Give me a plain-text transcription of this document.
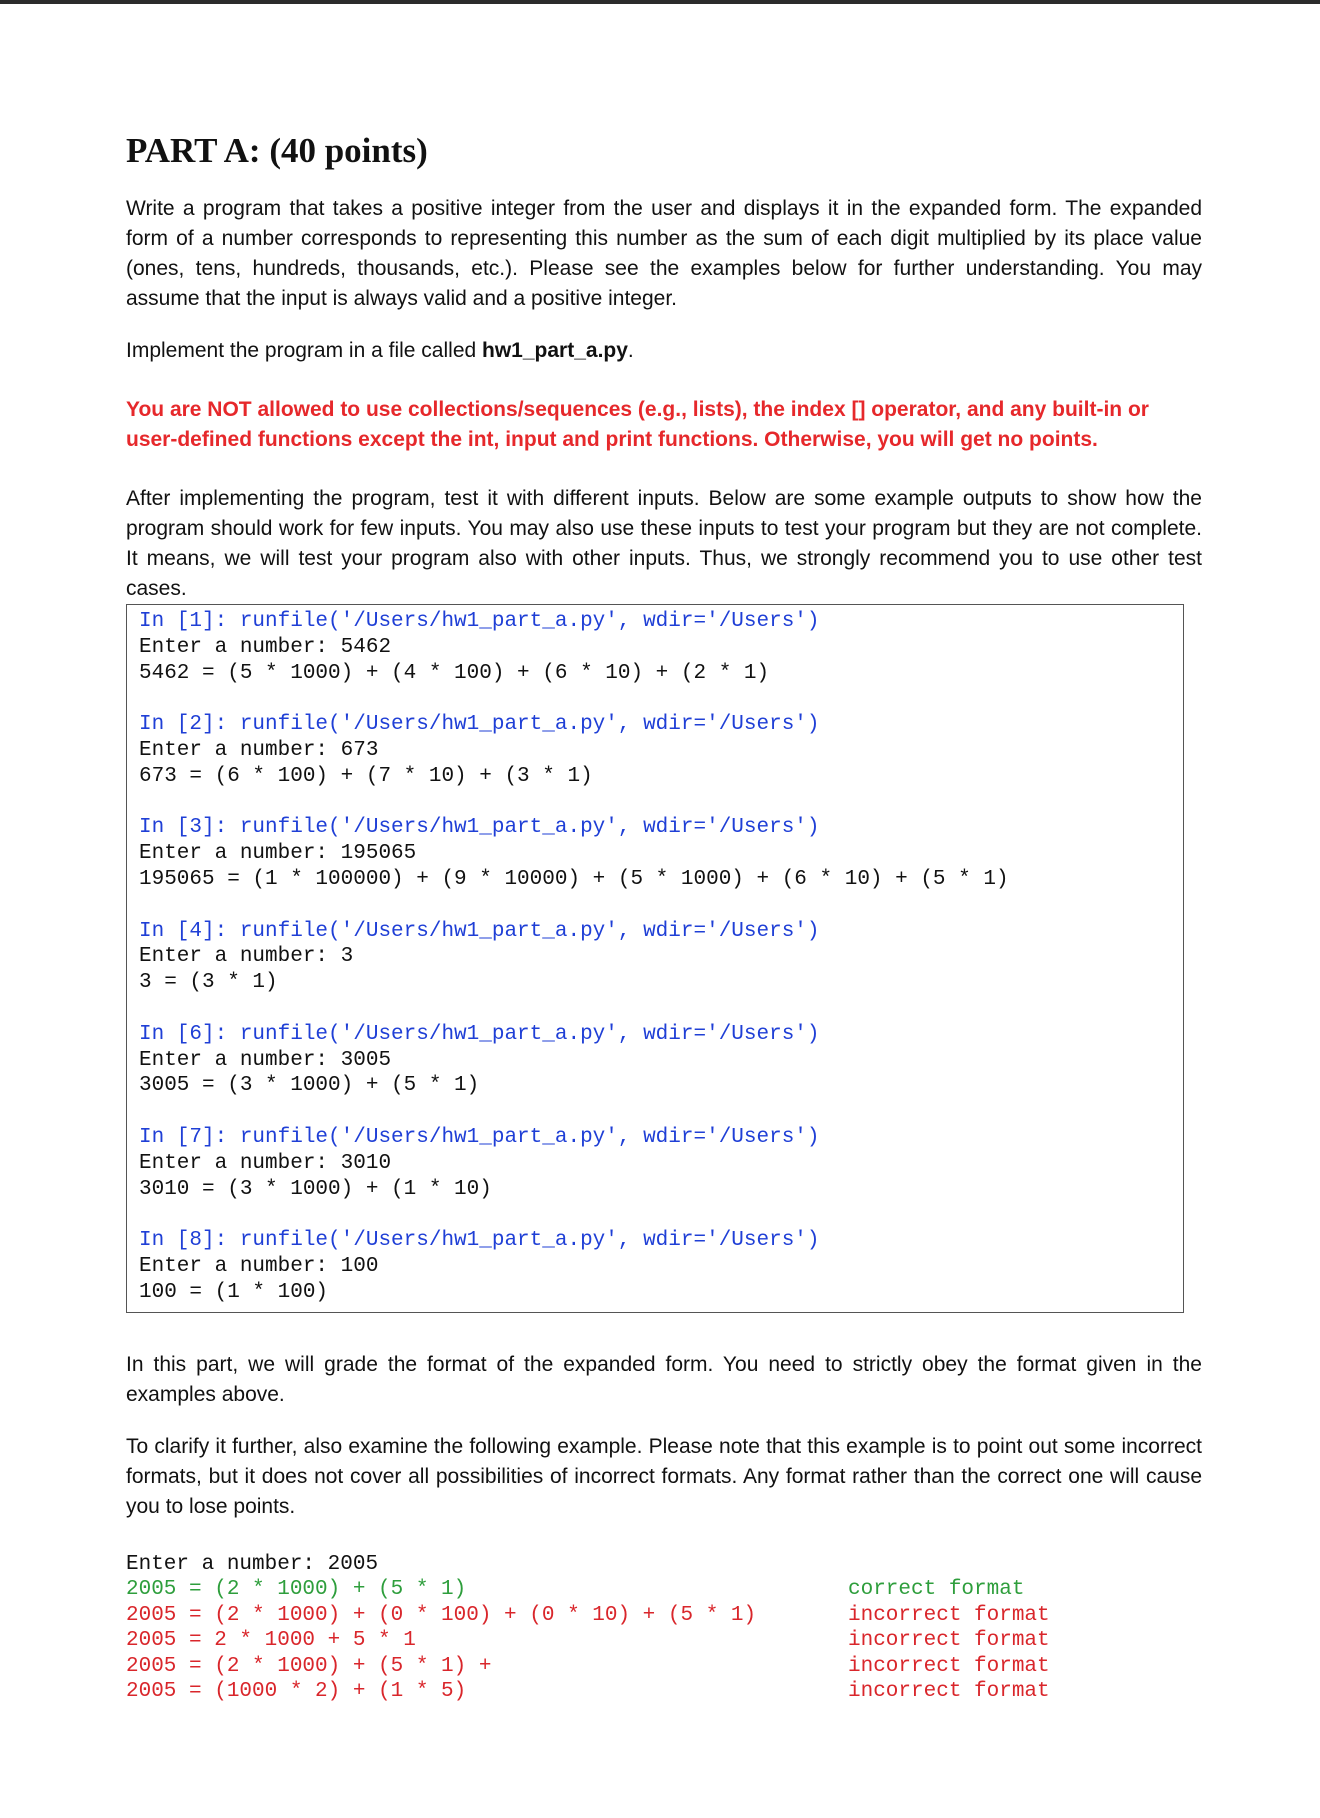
PART A: (40 points)

Write a program that takes a positive integer from the user and displays it in the expanded form. The expanded form of a number corresponds to representing this number as the sum of each digit multiplied by its place value (ones, tens, hundreds, thousands, etc.). Please see the examples below for further understanding. You may assume that the input is always valid and a positive integer.

Implement the program in a file called hw1_part_a.py.

You are NOT allowed to use collections/sequences (e.g., lists), the index [] operator, and any built-in or user-defined functions except the int, input and print functions. Otherwise, you will get no points.

After implementing the program, test it with different inputs. Below are some example outputs to show how the program should work for few inputs. You may also use these inputs to test your program but they are not complete. It means, we will test your program also with other inputs. Thus, we strongly recommend you to use other test cases.

In [1]: runfile('/Users/hw1_part_a.py', wdir='/Users')
Enter a number: 5462
5462 = (5 * 1000) + (4 * 100) + (6 * 10) + (2 * 1)
In [2]: runfile('/Users/hw1_part_a.py', wdir='/Users')
Enter a number: 673
673 = (6 * 100) + (7 * 10) + (3 * 1)
In [3]: runfile('/Users/hw1_part_a.py', wdir='/Users')
Enter a number: 195065
195065 = (1 * 100000) + (9 * 10000) + (5 * 1000) + (6 * 10) + (5 * 1)
In [4]: runfile('/Users/hw1_part_a.py', wdir='/Users')
Enter a number: 3
3 = (3 * 1)
In [6]: runfile('/Users/hw1_part_a.py', wdir='/Users')
Enter a number: 3005
3005 = (3 * 1000) + (5 * 1)
In [7]: runfile('/Users/hw1_part_a.py', wdir='/Users')
Enter a number: 3010
3010 = (3 * 1000) + (1 * 10)
In [8]: runfile('/Users/hw1_part_a.py', wdir='/Users')
Enter a number: 100
100 = (1 * 100)

In this part, we will grade the format of the expanded form. You need to strictly obey the format given in the examples above.

To clarify it further, also examine the following example. Please note that this example is to point out some incorrect formats, but it does not cover all possibilities of incorrect formats. Any format rather than the correct one will cause you to lose points.

Enter a number: 2005
2005 = (2 * 1000) + (5 * 1)	correct format
2005 = (2 * 1000) + (0 * 100) + (0 * 10) + (5 * 1)	incorrect format
2005 = 2 * 1000 + 5 * 1	incorrect format
2005 = (2 * 1000) + (5 * 1) +	incorrect format
2005 = (1000 * 2) + (1 * 5)	incorrect format
